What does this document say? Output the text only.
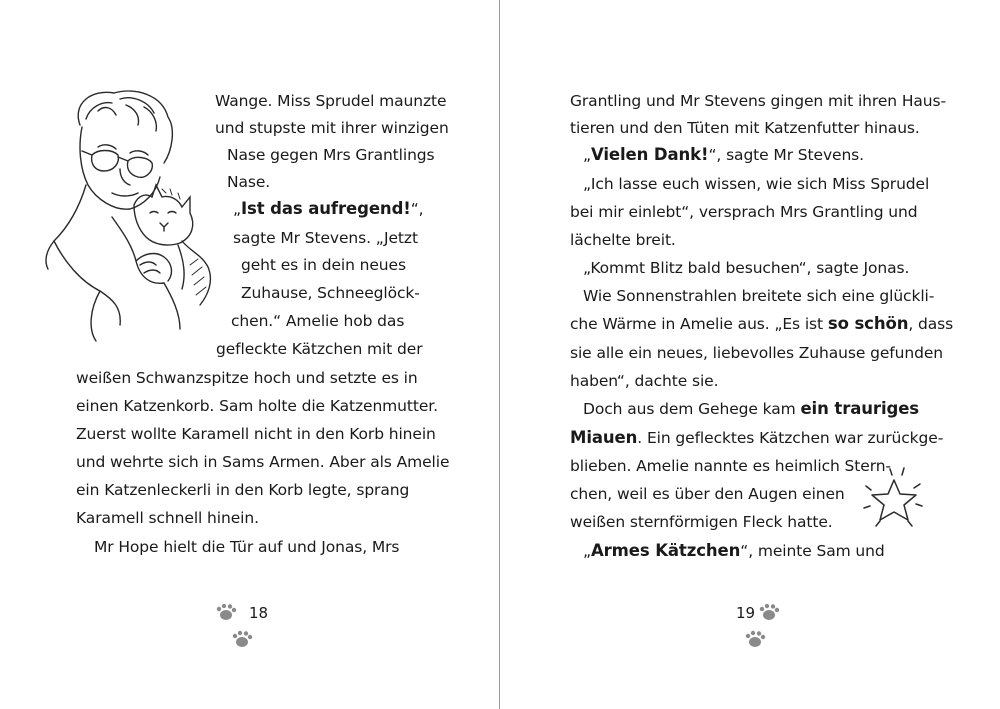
Wange. Miss Sprudel maunzte
und stupste mit ihrer winzigen
Nase gegen Mrs Grantlings
Nase.
„Ist das aufregend!“,
sagte Mr Stevens. „Jetzt
geht es in dein neues
Zuhause, Schneeglöck-
chen.“ Amelie hob das
gefleckte Kätzchen mit der
weißen Schwanzspitze hoch und setzte es in
einen Katzenkorb. Sam holte die Katzenmutter.
Zuerst wollte Karamell nicht in den Korb hinein
und wehrte sich in Sams Armen. Aber als Amelie
ein Katzenleckerli in den Korb legte, sprang
Karamell schnell hinein.
Mr Hope hielt die Tür auf und Jonas, Mrs
18
Grantling und Mr Stevens gingen mit ihren Haus-
tieren und den Tüten mit Katzenfutter hinaus.
„Vielen Dank!“, sagte Mr Stevens.
„Ich lasse euch wissen, wie sich Miss Sprudel
bei mir einlebt“, versprach Mrs Grantling und
lächelte breit.
„Kommt Blitz bald besuchen“, sagte Jonas.
Wie Sonnenstrahlen breitete sich eine glückli-
che Wärme in Amelie aus. „Es ist so schön, dass
sie alle ein neues, liebevolles Zuhause gefunden
haben“, dachte sie.
Doch aus dem Gehege kam ein trauriges
Miauen. Ein geflecktes Kätzchen war zurückge-
blieben. Amelie nannte es heimlich Stern-
chen, weil es über den Augen einen
weißen sternförmigen Fleck hatte.
„Armes Kätzchen“, meinte Sam und
19
